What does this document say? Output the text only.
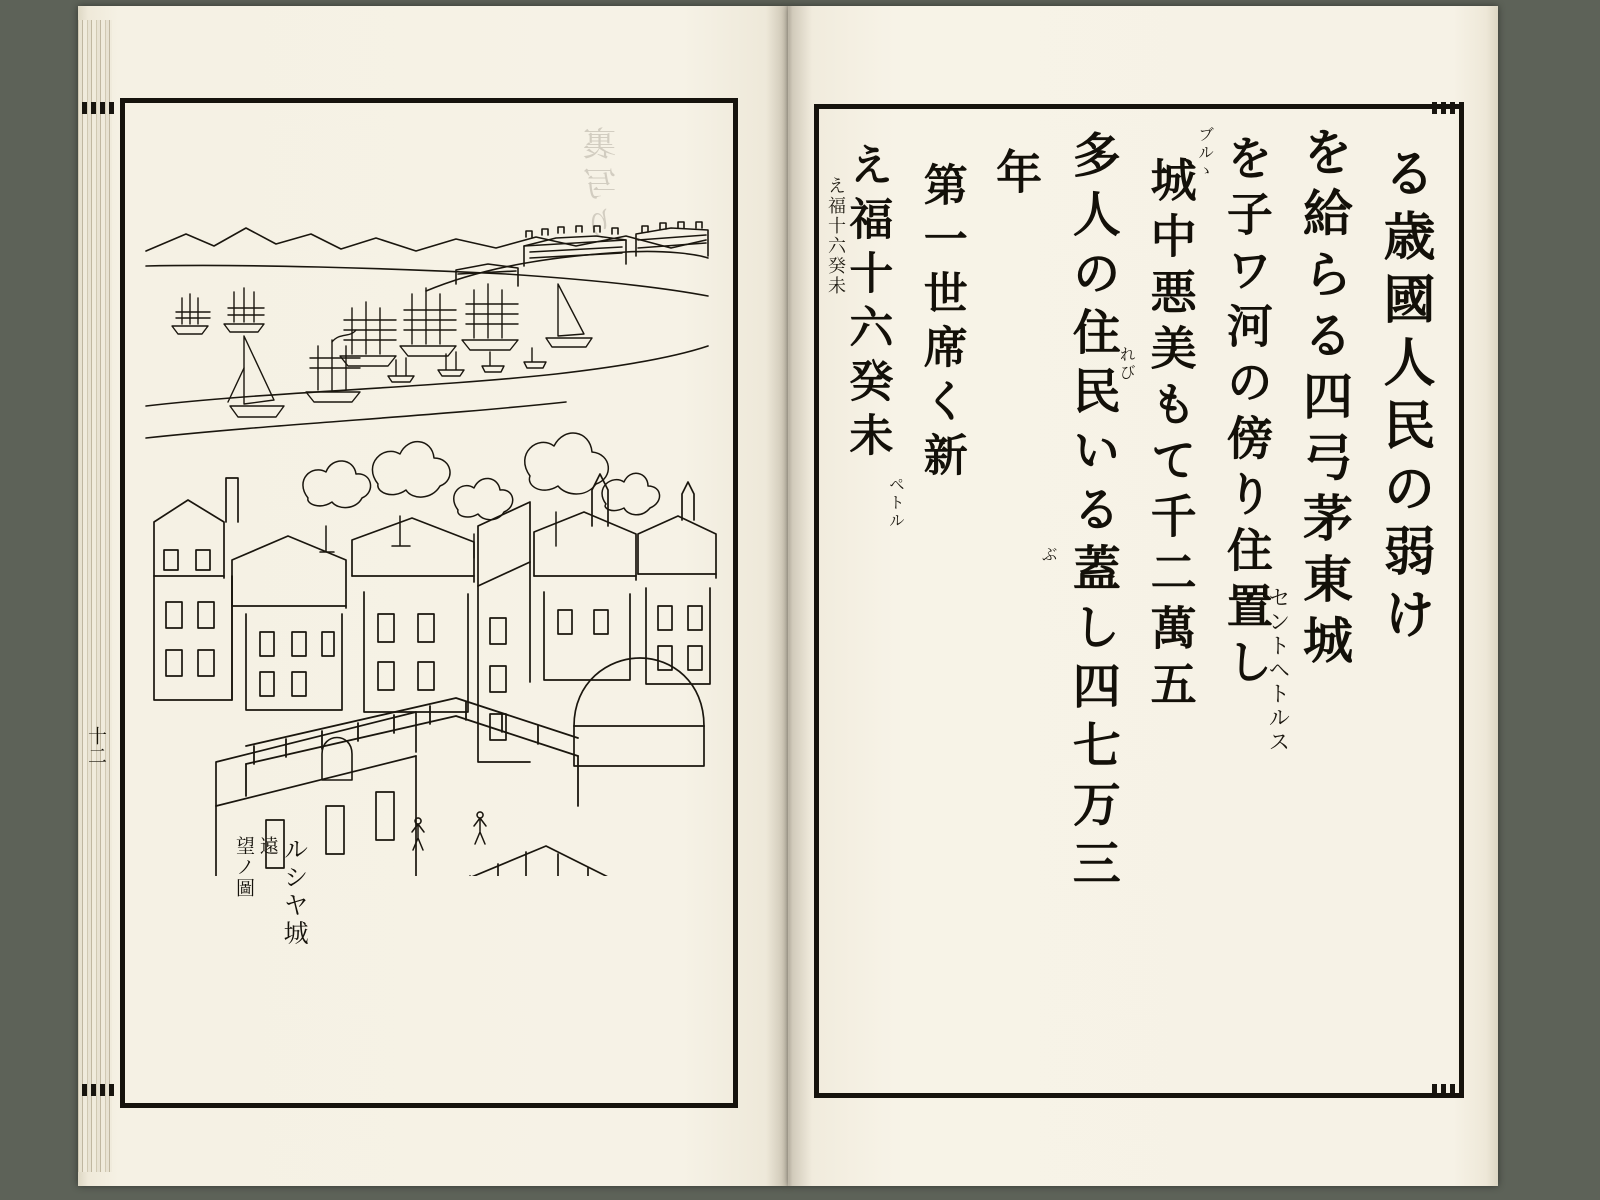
裏写り
十二
ルシヤ城
遠
望ノ圖
え福十六癸未
え福十六癸未	第一世席く新
ペトル
年 多人の住民いる蓋し四七万三
ぶ	城中悪美もて千二萬五
れび	を子ワ河の傍り住置し
ブルゝ	を給らる四弓茅東城
セントヘトルス
る歳國人民の弱け
